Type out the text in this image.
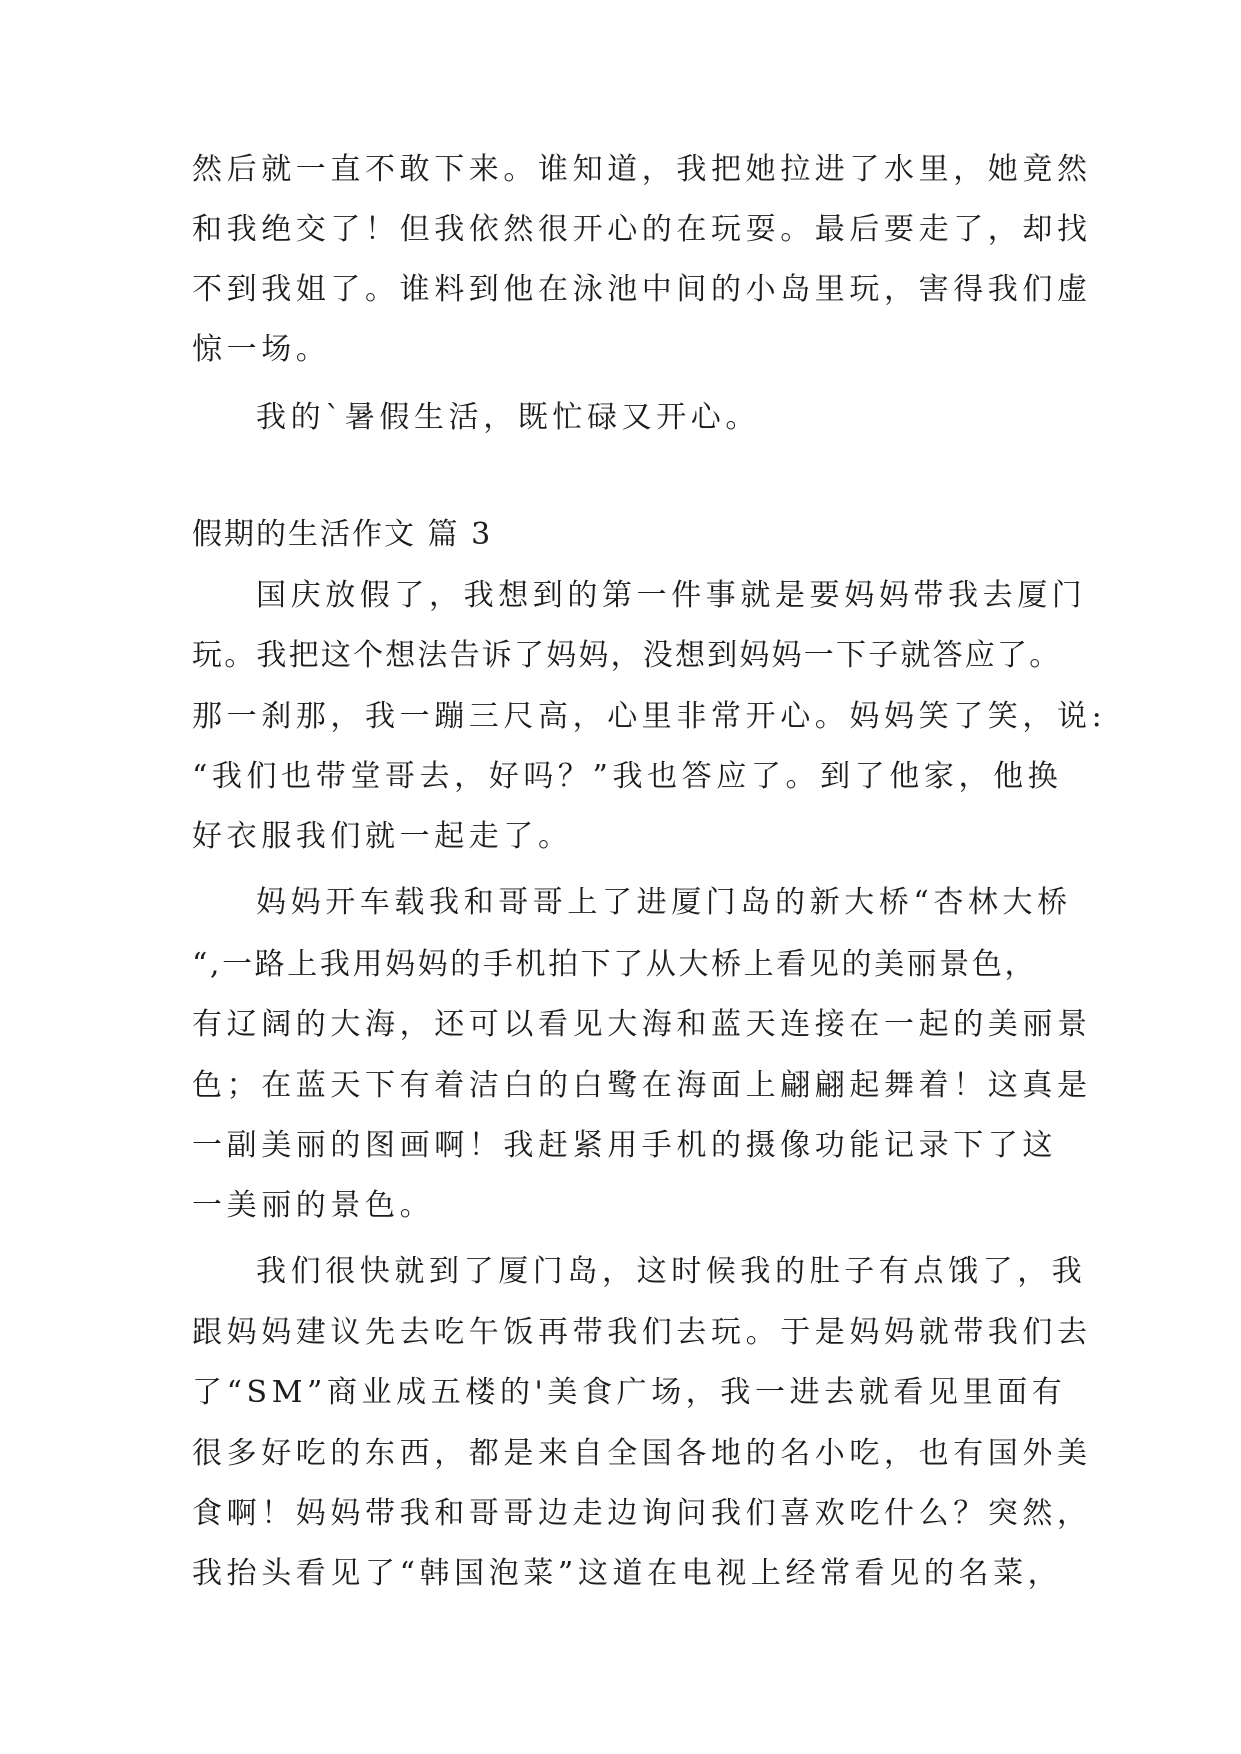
然后就一直不敢下来。谁知道，我把她拉进了水里，她竟然
和我绝交了！但我依然很开心的在玩耍。最后要走了，却找
不到我姐了。谁料到他在泳池中间的小岛里玩，害得我们虚
惊一场。
我的`暑假生活，既忙碌又开心。
假期的生活作文 篇 3
国庆放假了，我想到的第一件事就是要妈妈带我去厦门
玩。我把这个想法告诉了妈妈，没想到妈妈一下子就答应了。
那一刹那，我一蹦三尺高，心里非常开心。妈妈笑了笑，说:
“我们也带堂哥去，好吗？”我也答应了。到了他家，他换
好衣服我们就一起走了。
妈妈开车载我和哥哥上了进厦门岛的新大桥“杏林大桥
“,一路上我用妈妈的手机拍下了从大桥上看见的美丽景色，
有辽阔的大海，还可以看见大海和蓝天连接在一起的美丽景
色；在蓝天下有着洁白的白鹭在海面上翩翩起舞着！这真是
一副美丽的图画啊！我赶紧用手机的摄像功能记录下了这
一美丽的景色。
我们很快就到了厦门岛，这时候我的肚子有点饿了，我
跟妈妈建议先去吃午饭再带我们去玩。于是妈妈就带我们去
了“SM”商业成五楼的'美食广场，我一进去就看见里面有
很多好吃的东西，都是来自全国各地的名小吃，也有国外美
食啊！妈妈带我和哥哥边走边询问我们喜欢吃什么？突然，
我抬头看见了“韩国泡菜”这道在电视上经常看见的名菜，
